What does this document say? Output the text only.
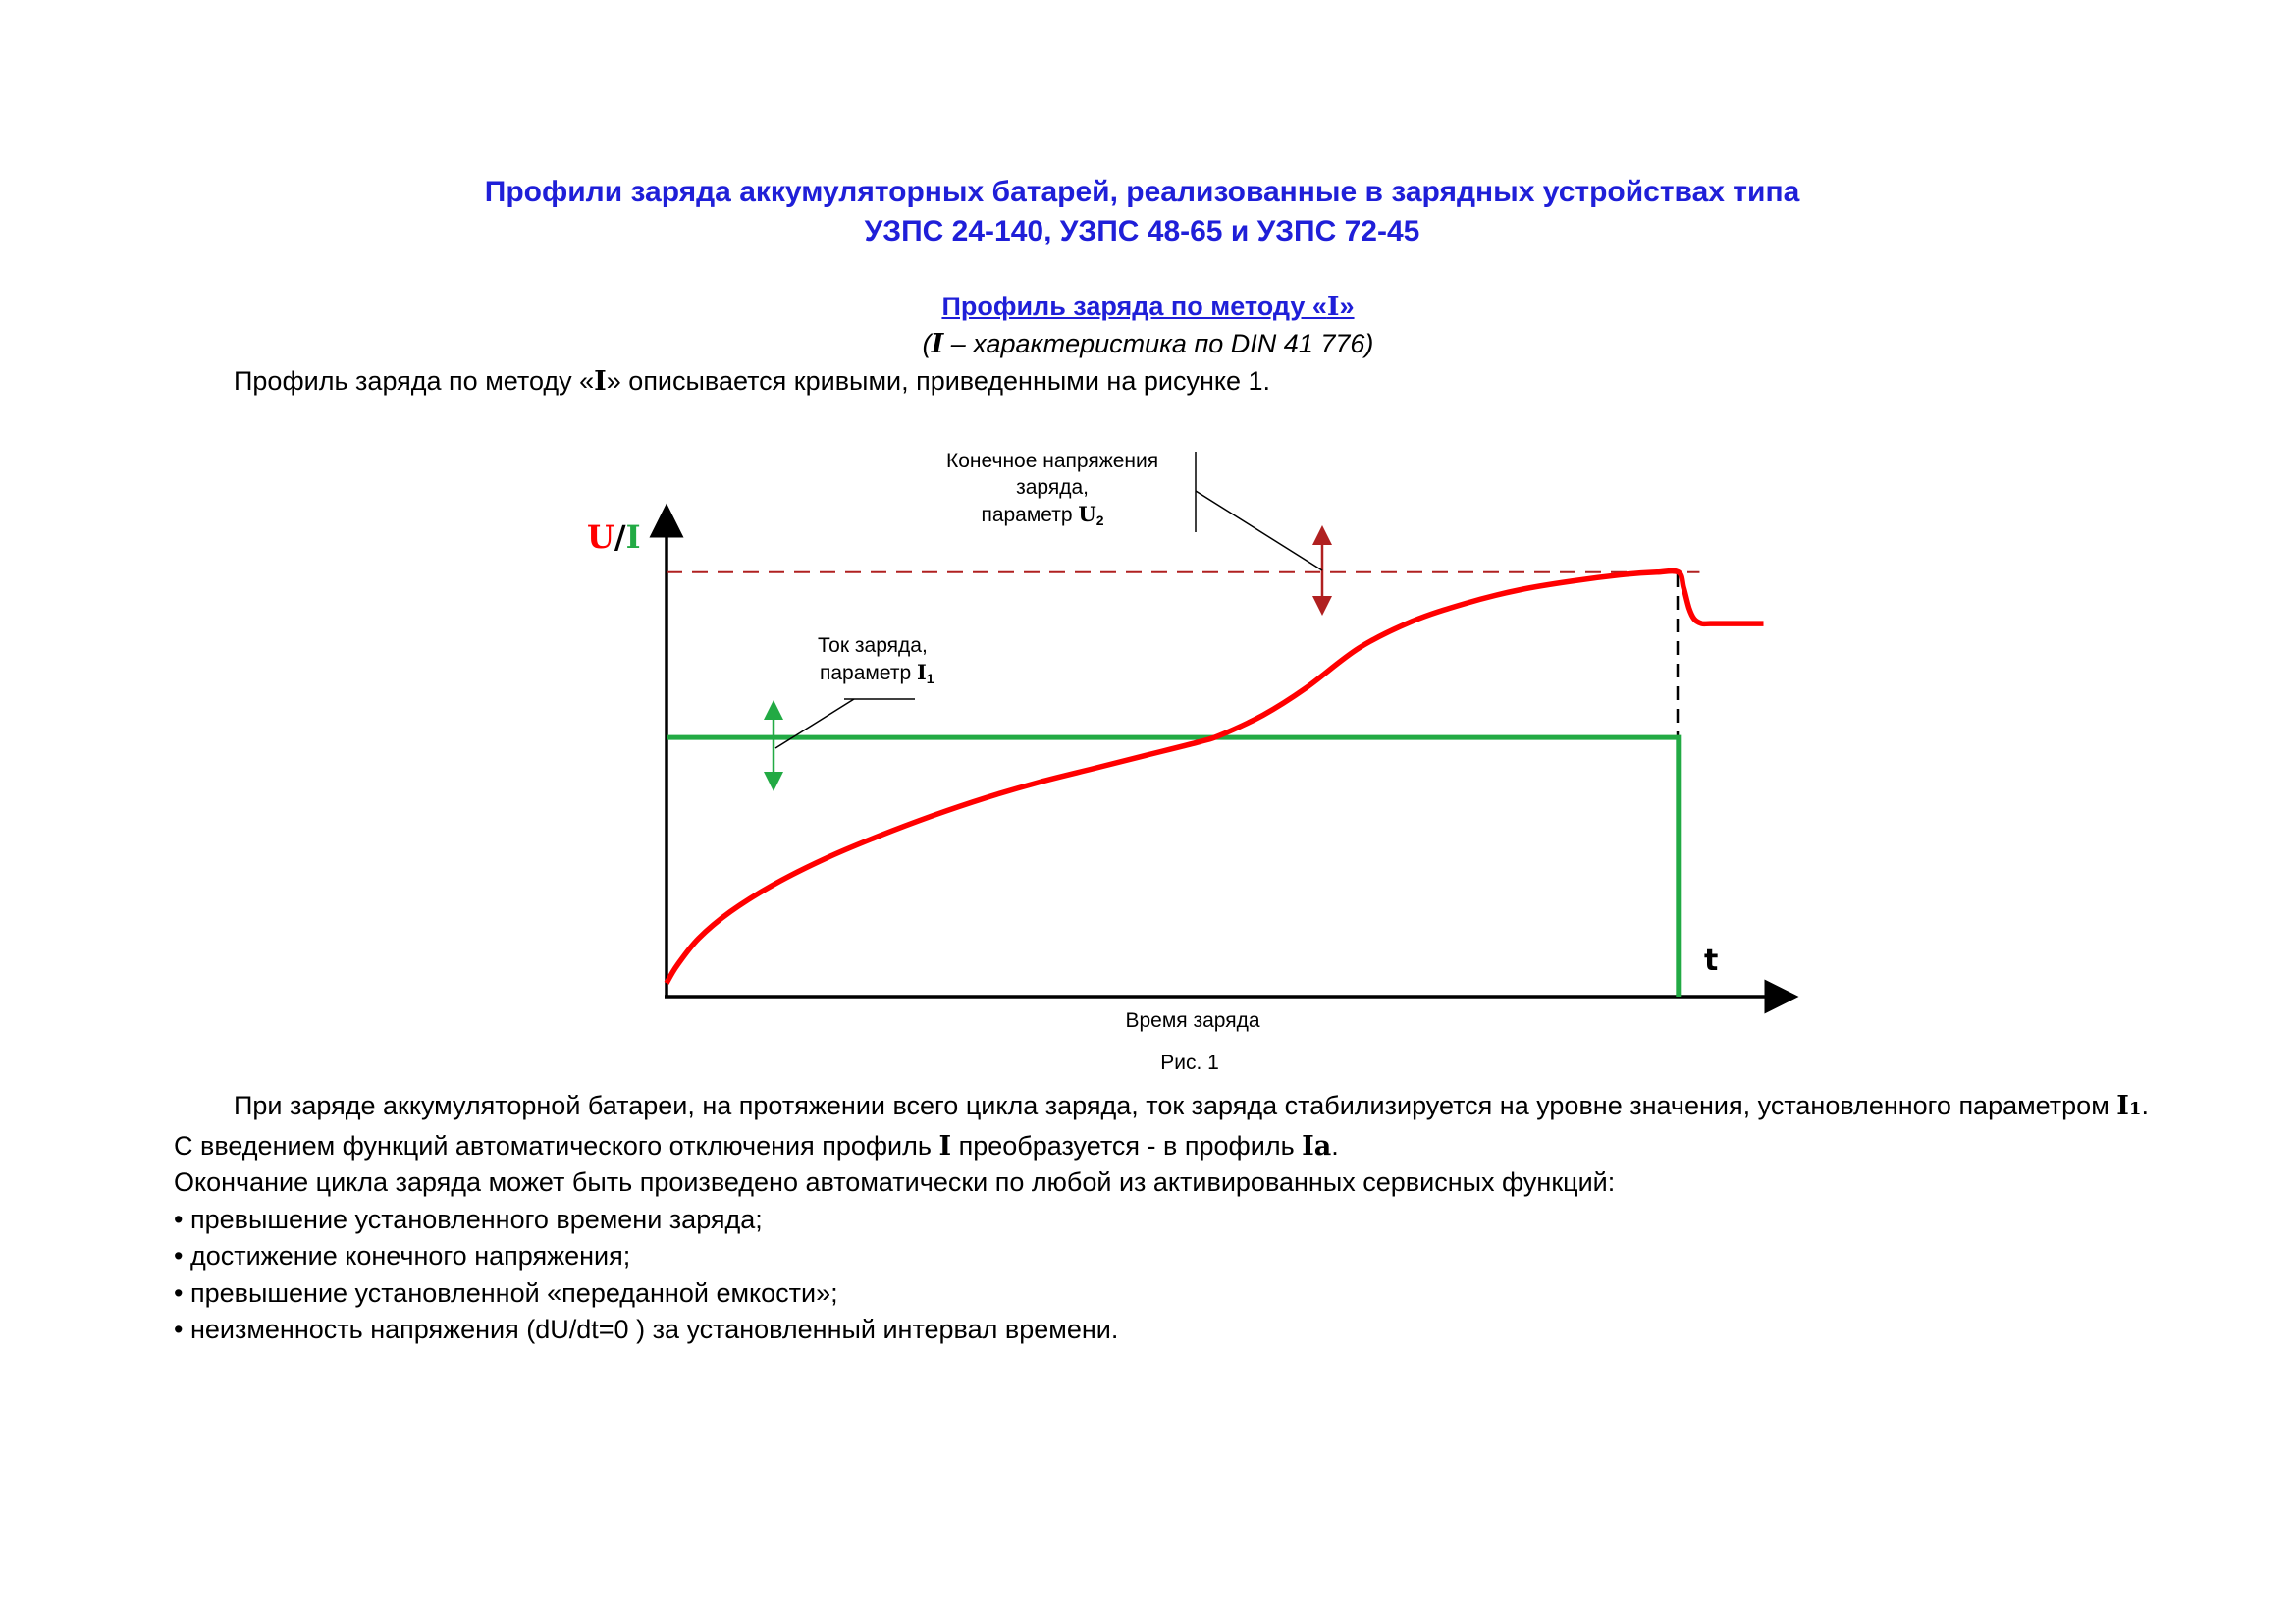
Профили заряда аккумуляторных батарей, реализованные в зарядных устройствах типа
УЗПС 24-140, УЗПС 48-65 и УЗПС 72-45
Профиль заряда по методу «I»
(I – характеристика по DIN 41 776)
Профиль заряда по методу «I» описывается кривыми, приведенными на рисунке 1.
U/I
t
Конечное напряжения заряда, параметр U2
Ток заряда, параметр I1
Время заряда
Рис. 1

При заряде аккумуляторной батареи, на протяжении всего цикла заряда, ток заряда стабилизируется на уровне значения, установленного параметром I1.

С введением функций автоматического отключения профиль I преобразуется - в профиль Ia.

Окончание цикла заряда может быть произведено автоматически по любой из активированных сервисных функций:

• превышение установленного времени заряда;

• достижение конечного напряжения;

• превышение установленной «переданной емкости»;

• неизменность напряжения (dU/dt=0 ) за установленный интервал времени.
